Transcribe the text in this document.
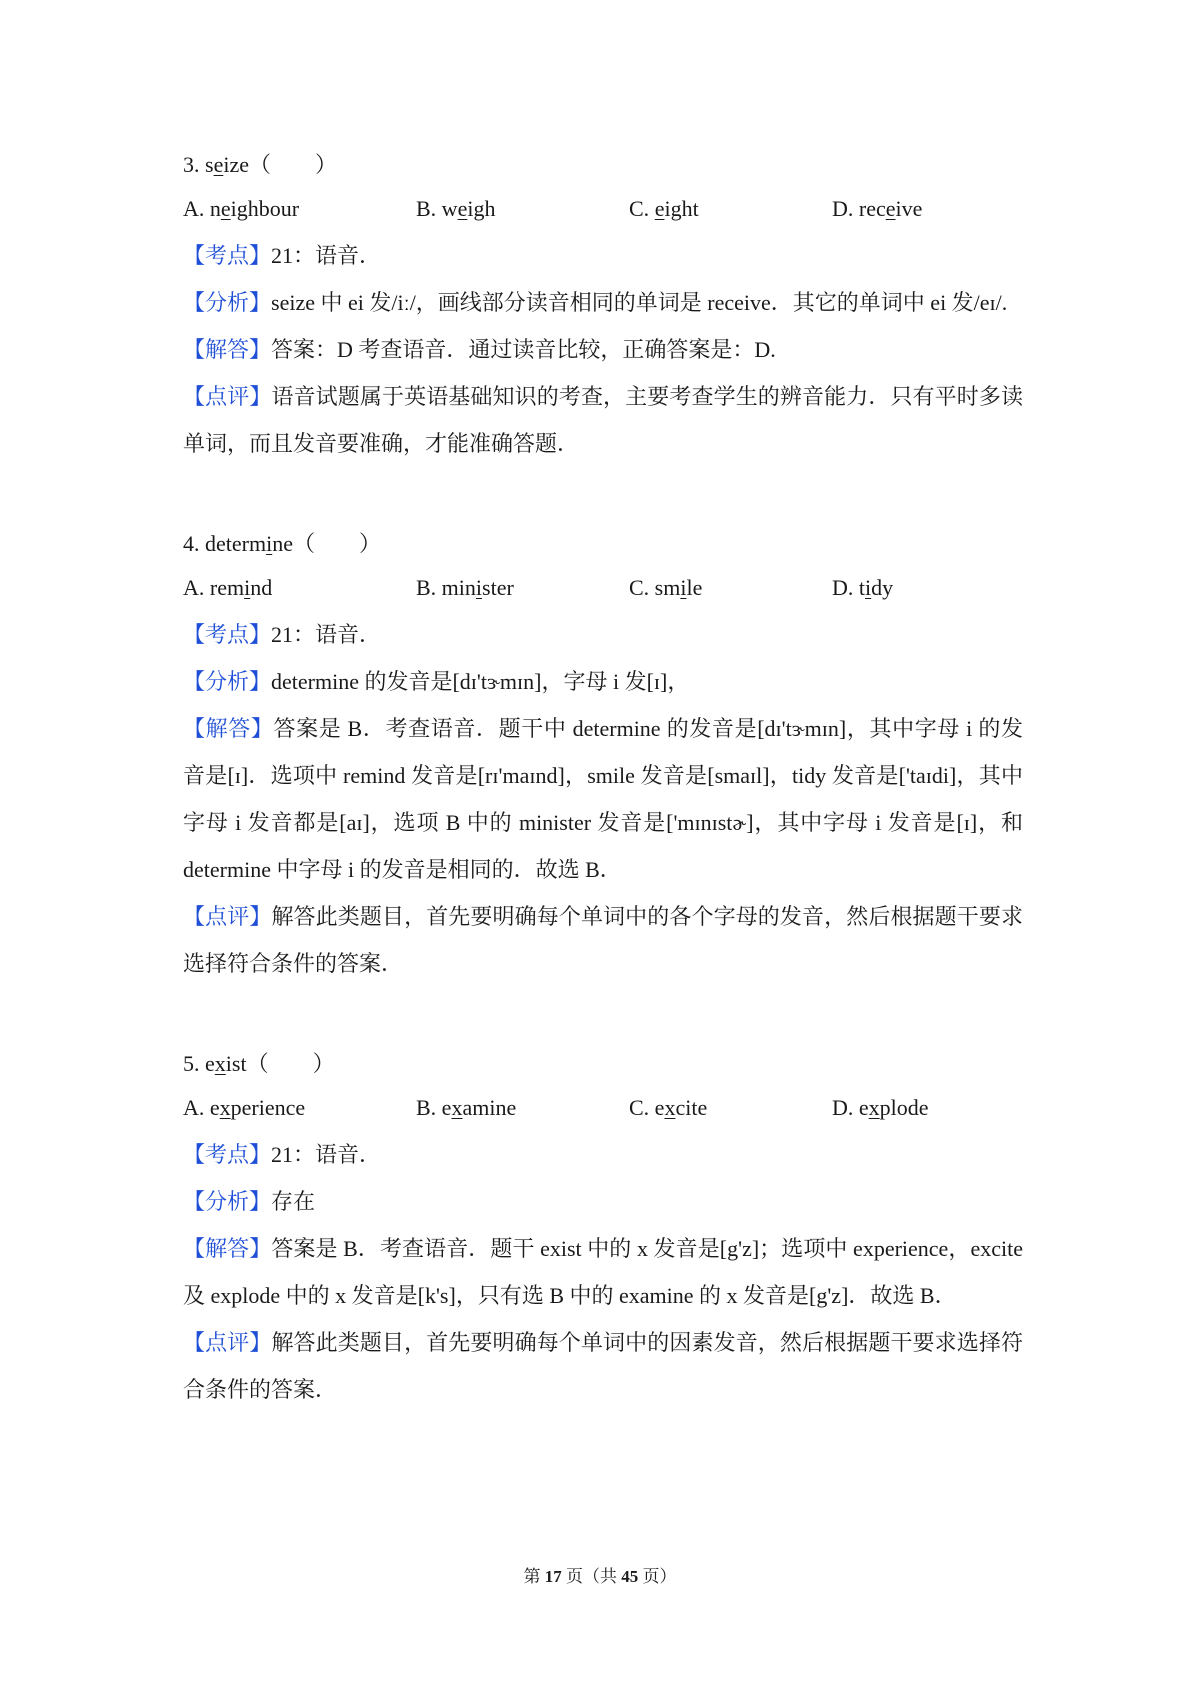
3. seize（　　）
A. neighbour	B. weigh	C. eight	D. receive
【考点】21：语音．
【分析】seize 中 ei 发/iː/，画线部分读音相同的单词是 receive．其它的单词中 ei 发/eɪ/.
【解答】答案：D 考查语音．通过读音比较，正确答案是：D.
【点评】语音试题属于英语基础知识的考查，主要考查学生的辨音能力．只有平时多读单词，而且发音要准确，才能准确答题．
4. determine（　　）
A. remind	B. minister	C. smile	D. tidy
【考点】21：语音．
【分析】determine 的发音是[dɪ'tɝmɪn]，字母 i 发[ɪ]，
【解答】答案是 B．考查语音．题干中 determine 的发音是[dɪ'tɝmɪn]，其中字母 i 的发音是[ɪ]．选项中 remind 发音是[rɪ'maɪnd]，smile 发音是[smaɪl]，tidy 发音是['taɪdi]，其中字母 i 发音都是[aɪ]，选项 B 中的 minister 发音是['mɪnɪstɚ]，其中字母 i 发音是[ɪ]，和 determine 中字母 i 的发音是相同的．故选 B．
【点评】解答此类题目，首先要明确每个单词中的各个字母的发音，然后根据题干要求选择符合条件的答案．
5. exist（　　）
A. experience	B. examine	C. excite	D. explode
【考点】21：语音．
【分析】存在
【解答】答案是 B．考查语音．题干 exist 中的 x 发音是[g'z]；选项中 experience，excite 及 explode 中的 x 发音是[k's]，只有选 B 中的 examine 的 x 发音是[g'z]．故选 B．
【点评】解答此类题目，首先要明确每个单词中的因素发音，然后根据题干要求选择符合条件的答案．
第 17 页（共 45 页）
